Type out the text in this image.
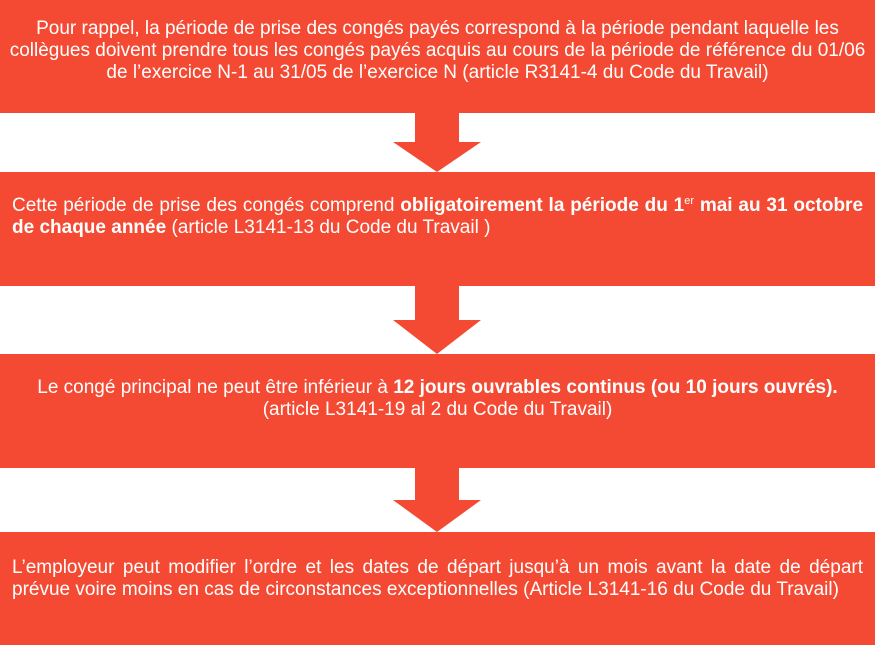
Pour rappel, la période de prise des congés payés correspond à la période pendant laquelle les collègues doivent prendre tous les congés payés acquis au cours de la période de référence du 01/06 de l’exercice N-1 au 31/05 de l’exercice N (article R3141-4 du Code du Travail)
Cette période de prise des congés comprend obligatoirement la période du 1er mai au 31 octobre de chaque année (article L3141-13 du Code du Travail )
Le congé principal ne peut être inférieur à 12 jours ouvrables continus (ou 10 jours ouvrés). (article L3141-19 al 2 du Code du Travail)
L’employeur peut modifier l’ordre et les dates de départ jusqu’à un mois avant la date de départ prévue voire moins en cas de circonstances exceptionnelles (Article L3141-16 du Code du Travail)
